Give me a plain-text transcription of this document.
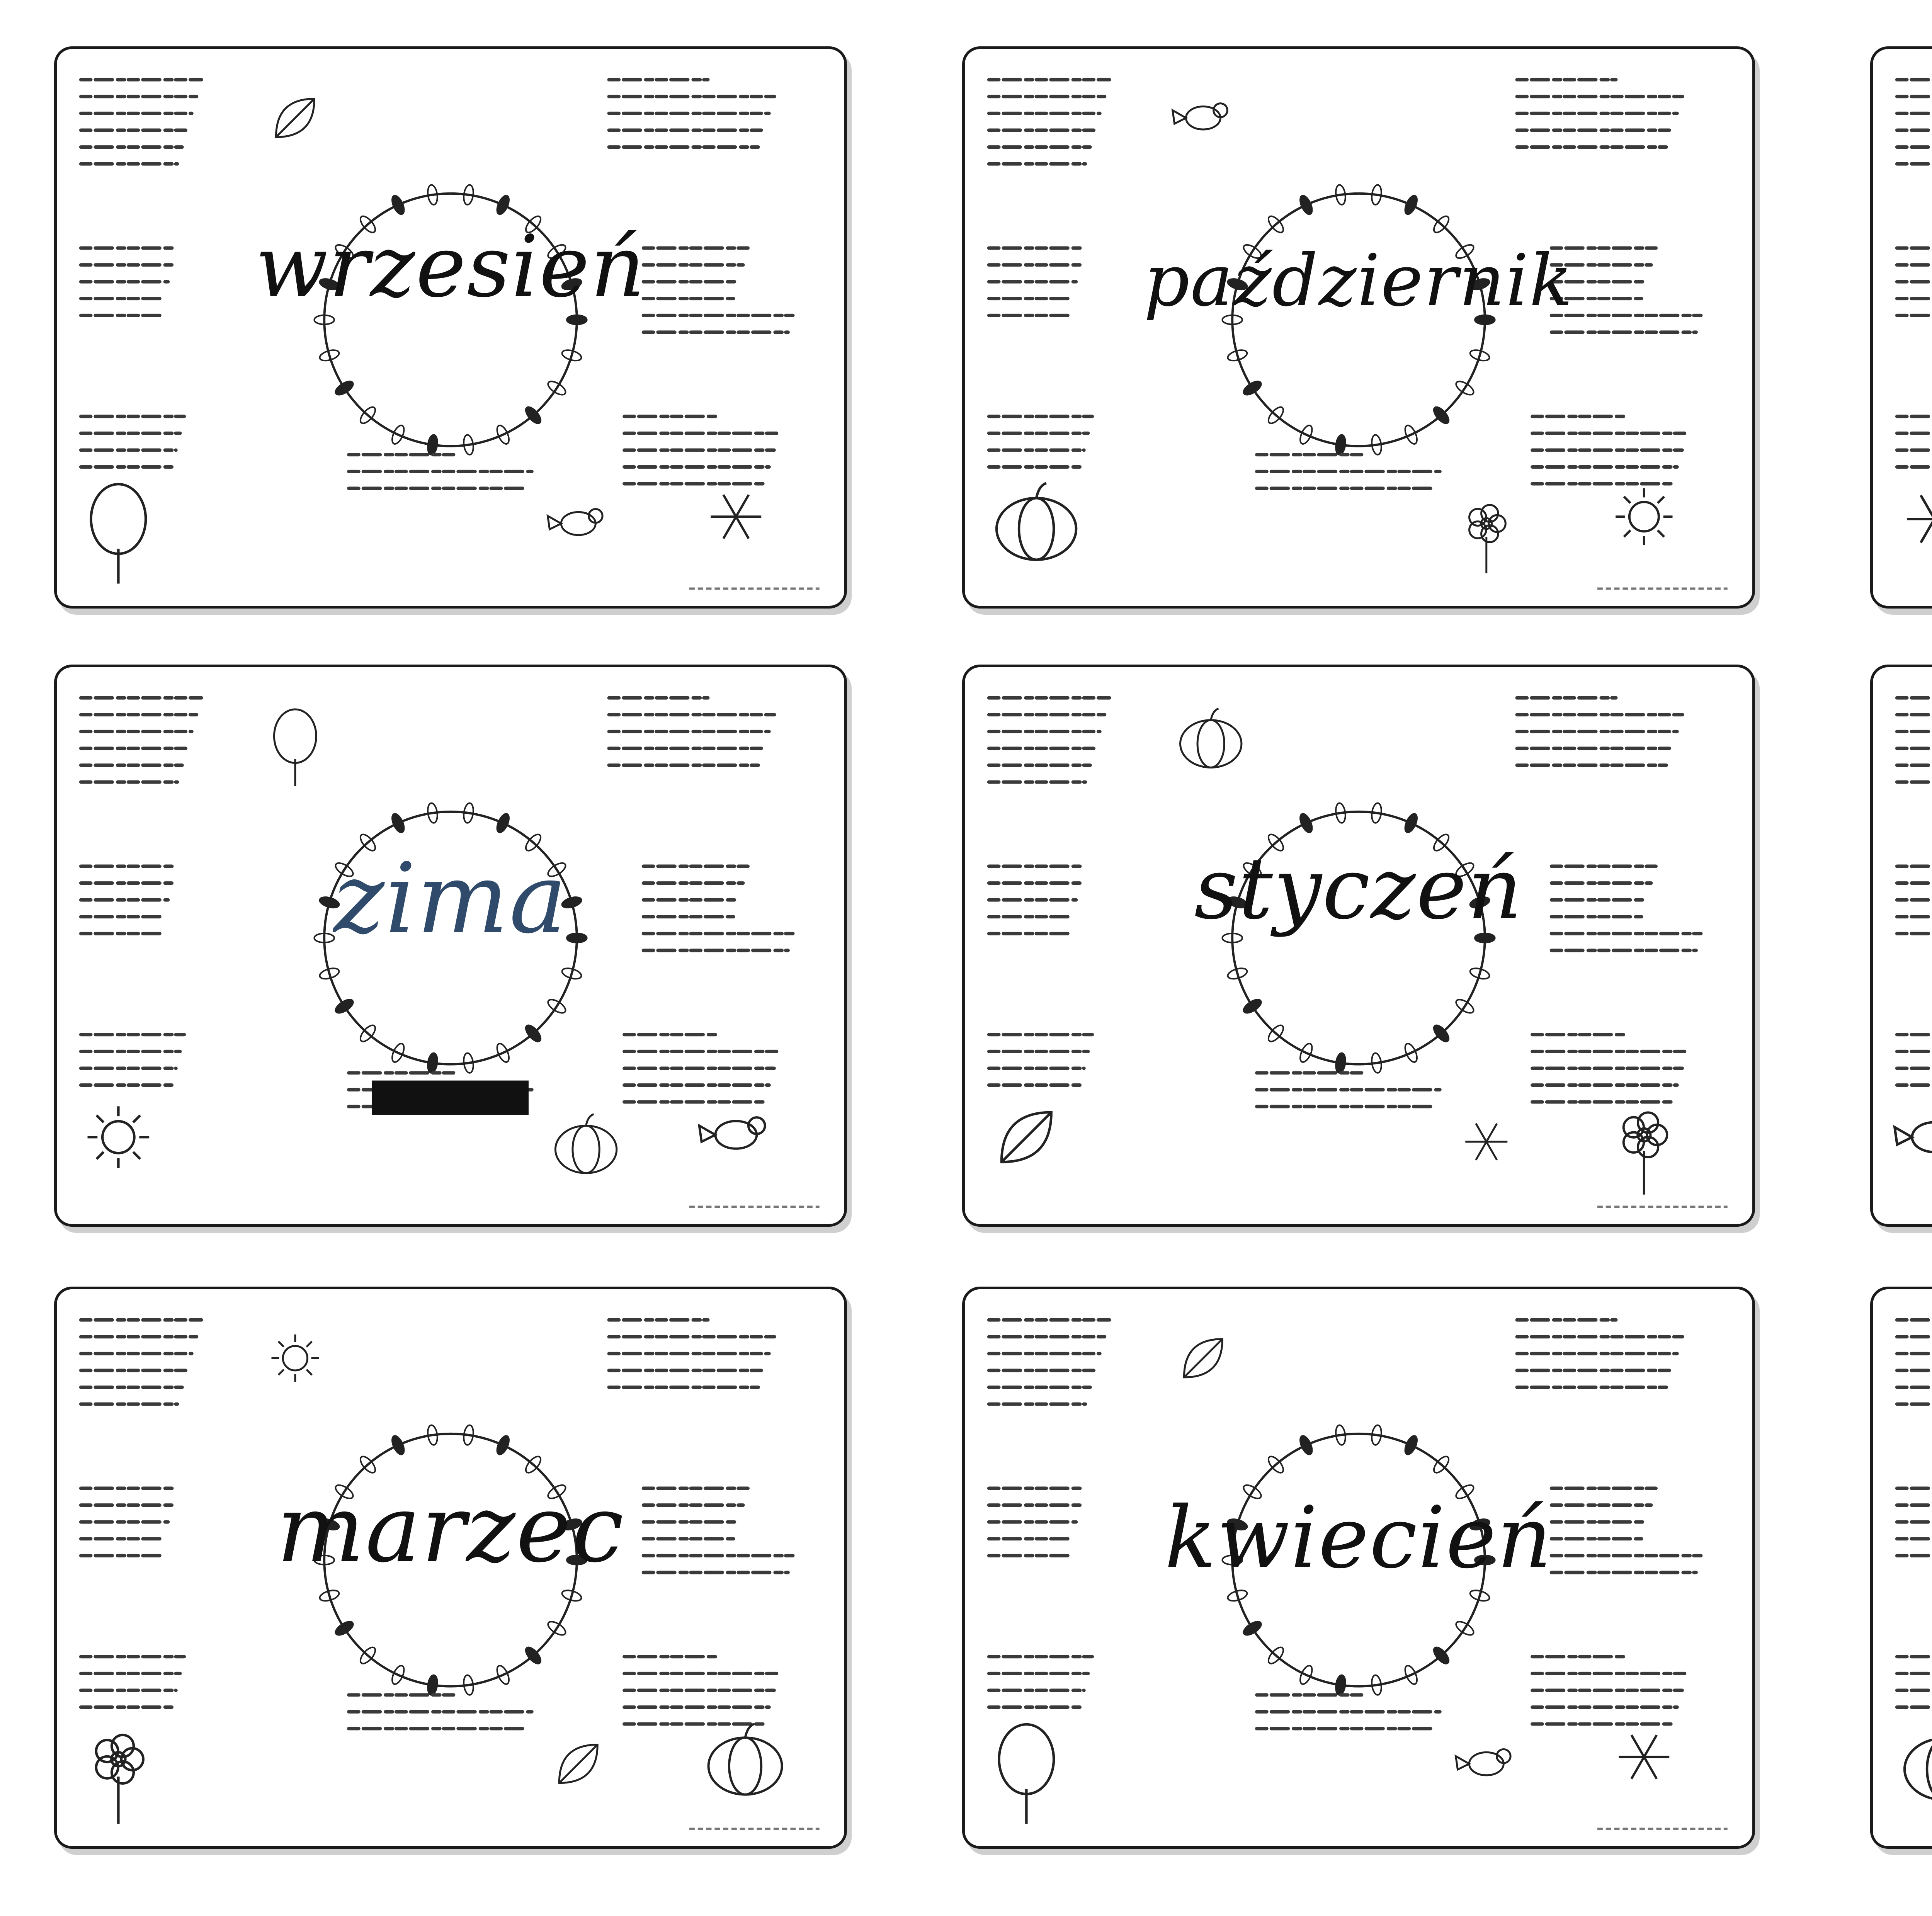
wrzesień	październik
zima	styczeń
marzec	kwiecień
